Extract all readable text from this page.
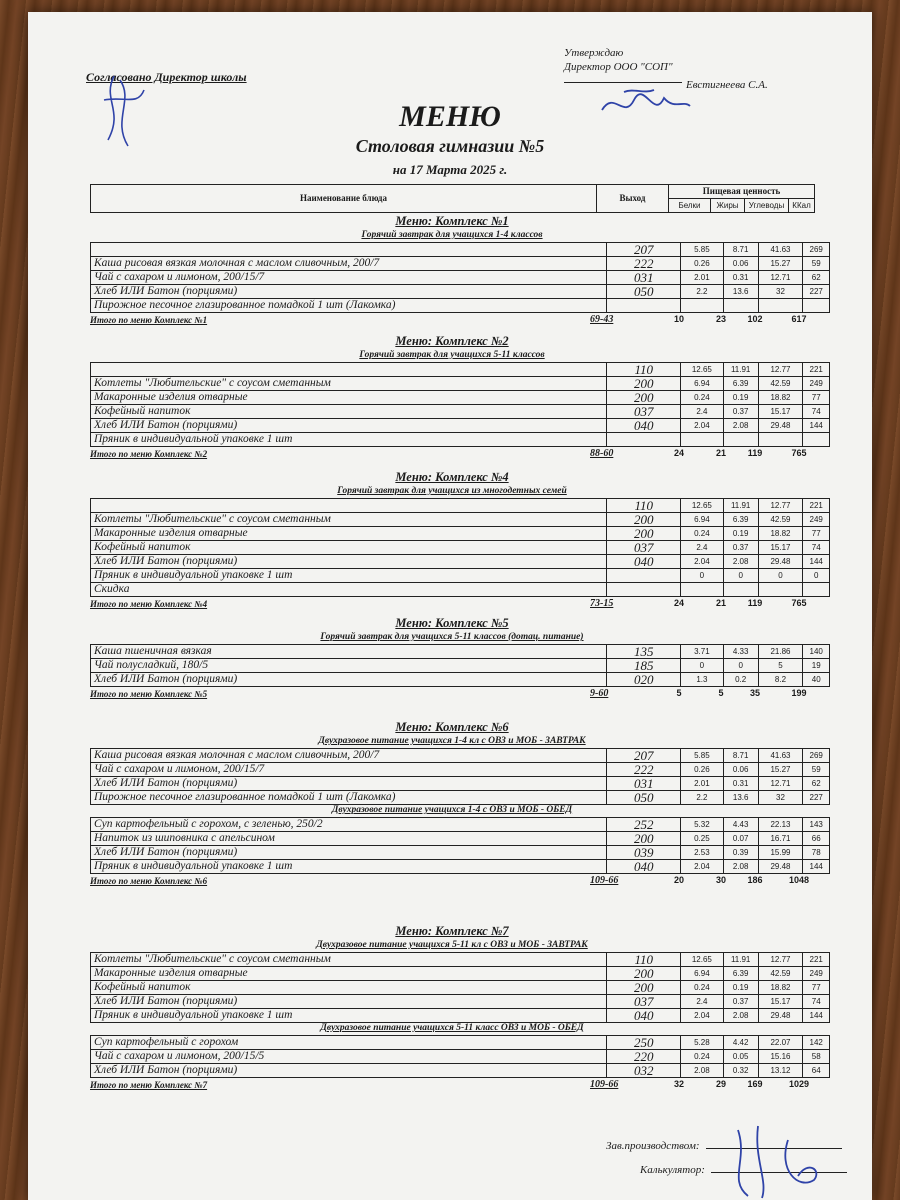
Согласовано Директор школы
Утверждаю
Директор ООО "СОП"
Евстигнеева С.А.
МЕНЮ
Столовая гимназии №5
на 17 Марта 2025 г.
Наименование блюда	Выход	Пищевая ценность			
		Белки	Жиры	Углеводы	ККал
Меню: Комплекс №1
Горячий завтрак для учащихся 1-4 классов
	207	5.85	8.71	41.63	269
Каша рисовая вязкая молочная с маслом сливочным, 200/7	222	0.26	0.06	15.27	59
Чай с сахаром и лимоном, 200/15/7	031	2.01	0.31	12.71	62
Хлеб ИЛИ Батон (порциями)	050	2.2	13.6	32	227
Пирожное песочное глазированное помадкой 1 шт (Лакомка)					
Итого по меню Комплекс №1	69-43	10	23	102	617
Меню: Комплекс №2
Горячий завтрак для учащихся 5-11 классов
	110	12.65	11.91	12.77	221
Котлеты "Любительские" с соусом сметанным	200	6.94	6.39	42.59	249
Макаронные изделия отварные	200	0.24	0.19	18.82	77
Кофейный напиток	037	2.4	0.37	15.17	74
Хлеб ИЛИ Батон (порциями)	040	2.04	2.08	29.48	144
Пряник в индивидуальной упаковке 1 шт					
Итого по меню Комплекс №2	88-60	24	21	119	765
Меню: Комплекс №4
Горячий завтрак для учащихся из многодетных семей
	110	12.65	11.91	12.77	221
Котлеты "Любительские" с соусом сметанным	200	6.94	6.39	42.59	249
Макаронные изделия отварные	200	0.24	0.19	18.82	77
Кофейный напиток	037	2.4	0.37	15.17	74
Хлеб ИЛИ Батон (порциями)	040	2.04	2.08	29.48	144
Пряник в индивидуальной упаковке 1 шт		0	0	0	0
Скидка					
Итого по меню Комплекс №4	73-15	24	21	119	765
Меню: Комплекс №5
Горячий завтрак для учащихся 5-11 классов (дотац. питание)
Каша пшеничная вязкая	135	3.71	4.33	21.86	140
Чай полусладкий, 180/5	185	0	0	5	19
Хлеб ИЛИ Батон (порциями)	020	1.3	0.2	8.2	40
Итого по меню Комплекс №5	9-60	5	5	35	199
Меню: Комплекс №6
Двухразовое питание учащихся 1-4 кл с ОВЗ и МОБ - ЗАВТРАК
Каша рисовая вязкая молочная с маслом сливочным, 200/7	207	5.85	8.71	41.63	269
Чай с сахаром и лимоном, 200/15/7	222	0.26	0.06	15.27	59
Хлеб ИЛИ Батон (порциями)	031	2.01	0.31	12.71	62
Пирожное песочное глазированное помадкой 1 шт (Лакомка)	050	2.2	13.6	32	227
Двухразовое питание учащихся 1-4 с ОВЗ и МОБ - ОБЕД
Суп картофельный с горохом, с зеленью, 250/2	252	5.32	4.43	22.13	143
Напиток из шиповника с апельсином	200	0.25	0.07	16.71	66
Хлеб ИЛИ Батон (порциями)	039	2.53	0.39	15.99	78
Пряник в индивидуальной упаковке 1 шт	040	2.04	2.08	29.48	144
Итого по меню Комплекс №6	109-66	20	30	186	1048
Меню: Комплекс №7
Двухразовое питание учащихся 5-11 кл с ОВЗ и МОБ - ЗАВТРАК
Котлеты "Любительские" с соусом сметанным	110	12.65	11.91	12.77	221
Макаронные изделия отварные	200	6.94	6.39	42.59	249
Кофейный напиток	200	0.24	0.19	18.82	77
Хлеб ИЛИ Батон (порциями)	037	2.4	0.37	15.17	74
Пряник в индивидуальной упаковке 1 шт	040	2.04	2.08	29.48	144
Двухразовое питание учащихся 5-11 класс ОВЗ и МОБ - ОБЕД
Суп картофельный с горохом	250	5.28	4.42	22.07	142
Чай с сахаром и лимоном, 200/15/5	220	0.24	0.05	15.16	58
Хлеб ИЛИ Батон (порциями)	032	2.08	0.32	13.12	64
Итого по меню Комплекс №7	109-66	32	29	169	1029
Зав.производством:
Калькулятор:
